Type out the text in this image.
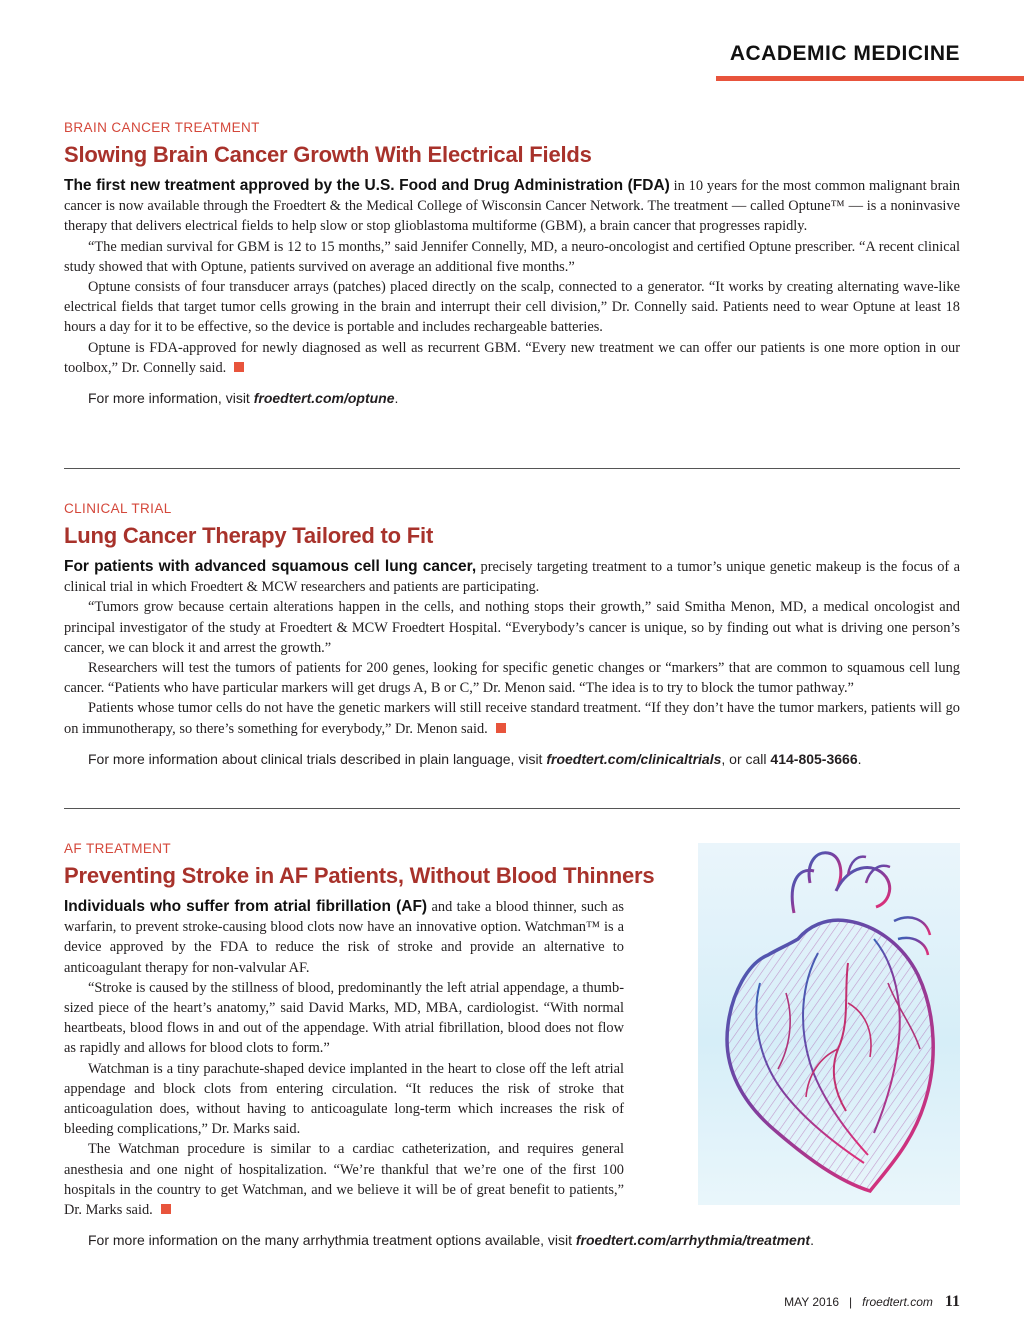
ACADEMIC MEDICINE
BRAIN CANCER TREATMENT
Slowing Brain Cancer Growth With Electrical Fields

The first new treatment approved by the U.S. Food and Drug Administration (FDA) in 10 years for the most common malignant brain cancer is now available through the Froedtert & the Medical College of Wisconsin Cancer Network. The treatment — called Optune™ — is a noninvasive therapy that delivers electrical fields to help slow or stop glioblastoma multiforme (GBM), a brain cancer that progresses rapidly.

“The median survival for GBM is 12 to 15 months,” said Jennifer Connelly, MD, a neuro-oncologist and certified Optune prescriber. “A recent clinical study showed that with Optune, patients survived on average an additional five months.”

Optune consists of four transducer arrays (patches) placed directly on the scalp, connected to a generator. “It works by creating alternating wave-like electrical fields that target tumor cells growing in the brain and interrupt their cell division,” Dr. Connelly said. Patients need to wear Optune at least 18 hours a day for it to be effective, so the device is portable and includes rechargeable batteries.

Optune is FDA-approved for newly diagnosed as well as recurrent GBM. “Every new treatment we can offer our patients is one more option in our toolbox,” Dr. Connelly said.

For more information, visit froedtert.com/optune.
CLINICAL TRIAL
Lung Cancer Therapy Tailored to Fit

For patients with advanced squamous cell lung cancer, precisely targeting treatment to a tumor’s unique genetic makeup is the focus of a clinical trial in which Froedtert & MCW researchers and patients are participating.

“Tumors grow because certain alterations happen in the cells, and nothing stops their growth,” said Smitha Menon, MD, a medical oncologist and principal investigator of the study at Froedtert & MCW Froedtert Hospital. “Everybody’s cancer is unique, so by finding out what is driving one person’s cancer, we can block it and arrest the growth.”

Researchers will test the tumors of patients for 200 genes, looking for specific genetic changes or “markers” that are common to squamous cell lung cancer. “Patients who have particular markers will get drugs A, B or C,” Dr. Menon said. “The idea is to try to block the tumor pathway.”

Patients whose tumor cells do not have the genetic markers will still receive standard treatment. “If they don’t have the tumor markers, patients will go on immunotherapy, so there’s something for everybody,” Dr. Menon said.

For more information about clinical trials described in plain language, visit froedtert.com/clinicaltrials, or call 414-805-3666.
AF TREATMENT
Preventing Stroke in AF Patients, Without Blood Thinners

Individuals who suffer from atrial fibrillation (AF) and take a blood thinner, such as warfarin, to prevent stroke-causing blood clots now have an innovative option. Watchman™ is a device approved by the FDA to reduce the risk of stroke and provide an alternative to anticoagulant therapy for non-valvular AF.

“Stroke is caused by the stillness of blood, predominantly the left atrial appendage, a thumb-sized piece of the heart’s anatomy,” said David Marks, MD, MBA, cardiologist. “With normal heartbeats, blood flows in and out of the appendage. With atrial fibrillation, blood does not flow as rapidly and allows for blood clots to form.”

Watchman is a tiny parachute-shaped device implanted in the heart to close off the left atrial appendage and block clots from entering circulation. “It reduces the risk of stroke that anticoagulation does, without having to anticoagulate long-term which increases the risk of bleeding complications,” Dr. Marks said.

The Watchman procedure is similar to a cardiac catheterization, and requires general anesthesia and one night of hospitalization. “We’re thankful that we’re one of the first 100 hospitals in the country to get Watchman, and we believe it will be of great benefit to patients,” Dr. Marks said.

For more information on the many arrhythmia treatment options available, visit froedtert.com/arrhythmia/treatment.
MAY 2016 | froedtert.com 11
